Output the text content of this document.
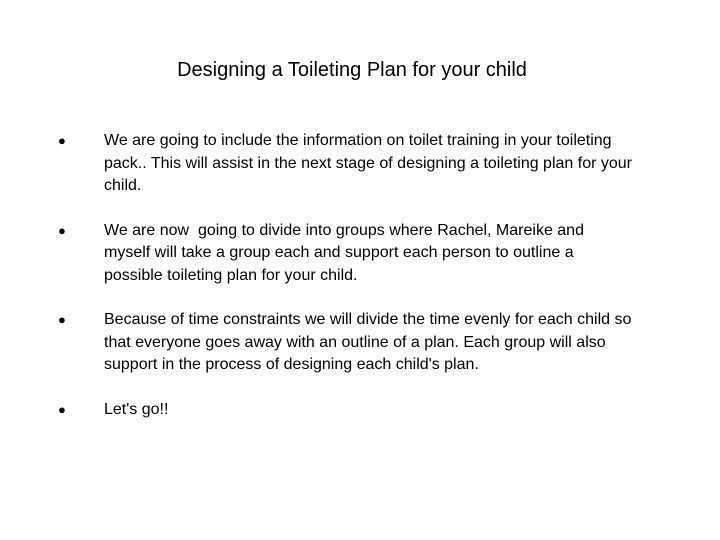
Designing a Toileting Plan for your child
● We are going to include the information on toilet training in your toileting pack.. This will assist in the next stage of designing a toileting plan for your child.
● We are now  going to divide into groups where Rachel, Mareike and myself will take a group each and support each person to outline a possible toileting plan for your child.
● Because of time constraints we will divide the time evenly for each child so that everyone goes away with an outline of a plan. Each group will also support in the process of designing each child's plan.
● Let's go!!
